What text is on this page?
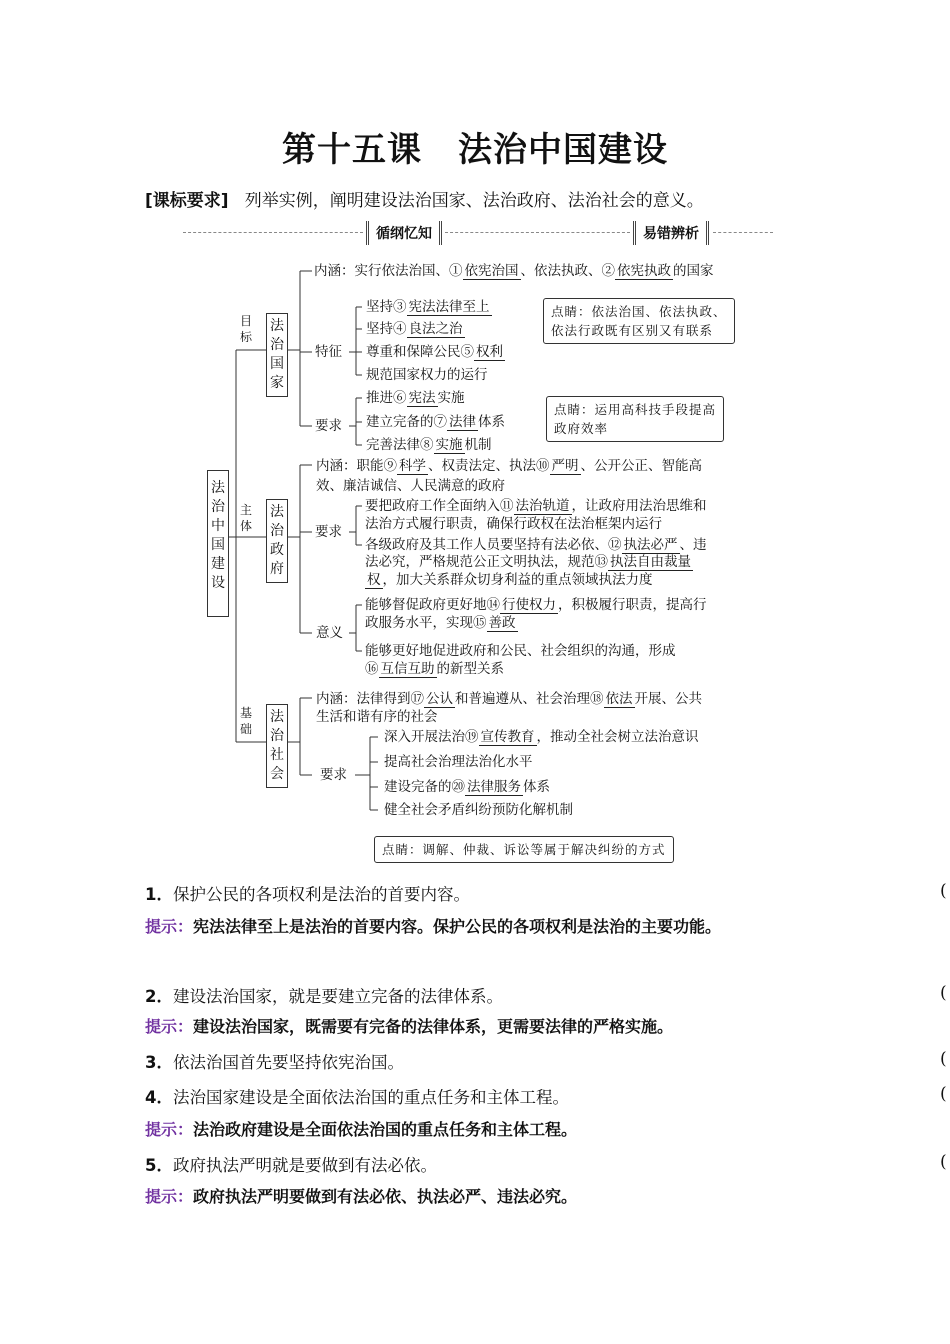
第十五课 法治中国建设
[课标要求] 列举实例，阐明建设法治国家、法治政府、法治社会的意义。
循纲忆知	易错辨析
法治中国建设
目标
主体
基础
法治国家
法治政府
法治社会
内涵：实行依法治国、① 依宪治国 、依法执政、② 依宪执政 的国家
特征
坚持③ 宪法法律至上
坚持④ 良法之治
尊重和保障公民⑤ 权利
规范国家权力的运行
要求
推进⑥ 宪法 实施
建立完备的⑦ 法律 体系
完善法律⑧ 实施 机制
点睛：依法治国、依法执政、
依法行政既有区别又有联系
点睛：运用高科技手段提高
政府效率
内涵：职能⑨ 科学 、权责法定、执法⑩ 严明 、公开公正、智能高
效、廉洁诚信、人民满意的政府
要求
要把政府工作全面纳入⑪ 法治轨道 ，让政府用法治思维和
法治方式履行职责，确保行政权在法治框架内运行
各级政府及其工作人员要坚持有法必依、⑫ 执法必严 、违
法必究，严格规范公正文明执法，规范⑬ 执法自由裁量
权 ，加大关系群众切身利益的重点领域执法力度
意义
能够督促政府更好地⑭ 行使权力 ，积极履行职责，提高行
政服务水平，实现⑮ 善政
能够更好地促进政府和公民、社会组织的沟通，形成
⑯ 互信互助 的新型关系
内涵：法律得到⑰ 公认 和普遍遵从、社会治理⑱ 依法 开展、公共
生活和谐有序的社会
要求
深入开展法治⑲ 宣传教育 ，推动全社会树立法治意识
提高社会治理法治化水平
建设完备的⑳ 法律服务 体系
健全社会矛盾纠纷预防化解机制
点睛：调解、仲裁、诉讼等属于解决纠纷的方式
1．保护公民的各项权利是法治的首要内容。	(
提示：宪法法律至上是法治的首要内容。保护公民的各项权利是法治的主要功能。
2．建设法治国家，就是要建立完备的法律体系。	(
提示：建设法治国家，既需要有完备的法律体系，更需要法律的严格实施。
3．依法治国首先要坚持依宪治国。	(
4．法治国家建设是全面依法治国的重点任务和主体工程。	(
提示：法治政府建设是全面依法治国的重点任务和主体工程。
5．政府执法严明就是要做到有法必依。	(
提示：政府执法严明要做到有法必依、执法必严、违法必究。
